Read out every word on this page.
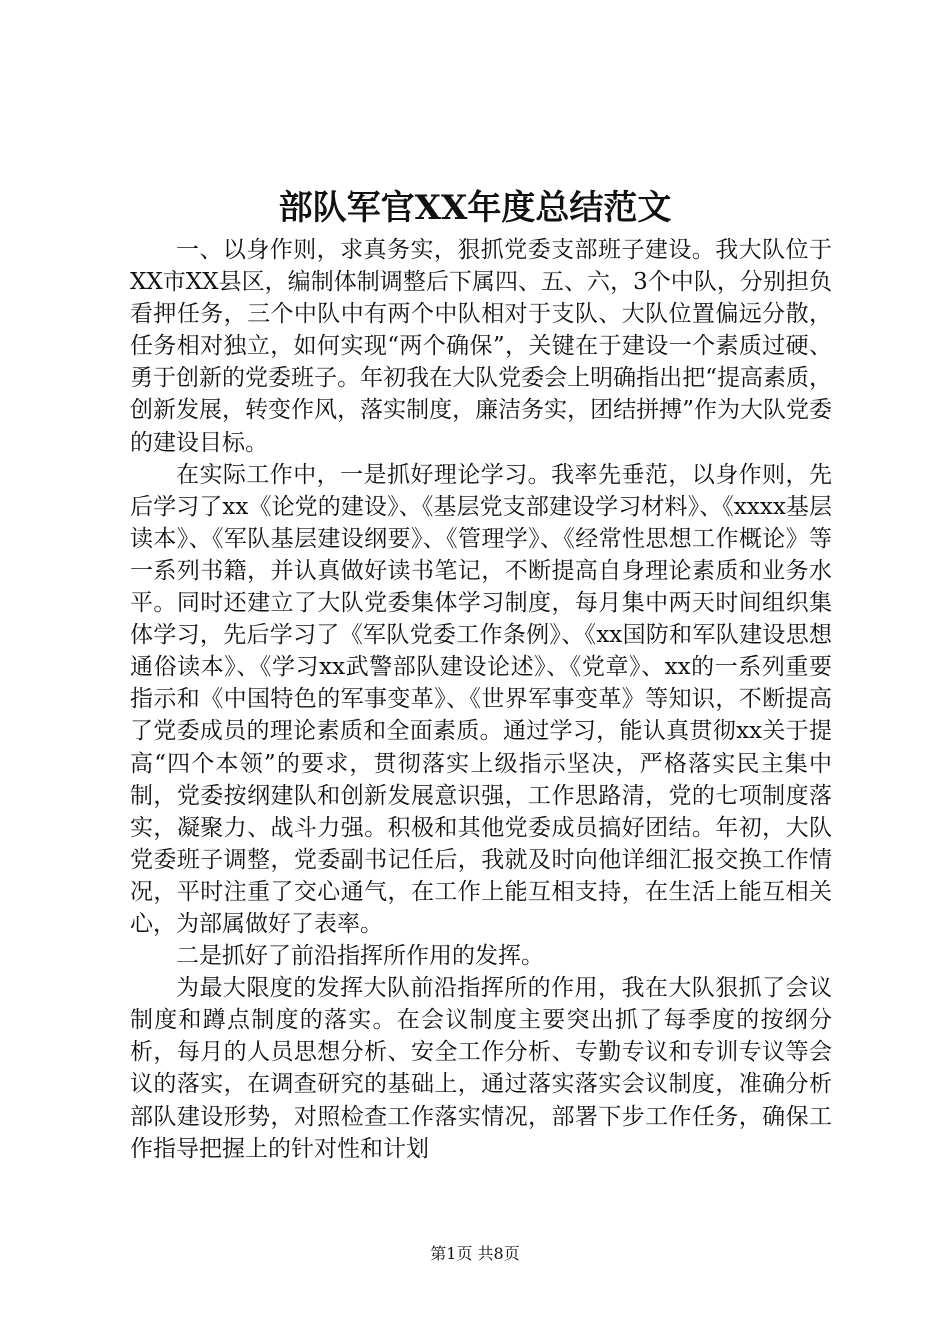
部队军官XX年度总结范文

一、以身作则，求真务实，狠抓党委支部班子建设。我大队位于XX市XX县区，编制体制调整后下属四、五、六，3个中队，分别担负看押任务，三个中队中有两个中队相对于支队、大队位置偏远分散，任务相对独立，如何实现“两个确保”，关键在于建设一个素质过硬、勇于创新的党委班子。年初我在大队党委会上明确指出把“提高素质，创新发展，转变作风，落实制度，廉洁务实，团结拼搏”作为大队党委的建设目标。

在实际工作中，一是抓好理论学习。我率先垂范，以身作则，先后学习了xx《论党的建设》、《基层党支部建设学习材料》、《xxxx基层读本》、《军队基层建设纲要》、《管理学》、《经常性思想工作概论》等一系列书籍，并认真做好读书笔记，不断提高自身理论素质和业务水平。同时还建立了大队党委集体学习制度，每月集中两天时间组织集体学习，先后学习了《军队党委工作条例》、《xx国防和军队建设思想通俗读本》、《学习xx武警部队建设论述》、《党章》、xx的一系列重要指示和《中国特色的军事变革》、《世界军事变革》等知识，不断提高了党委成员的理论素质和全面素质。通过学习，能认真贯彻xx关于提高“四个本领”的要求，贯彻落实上级指示坚决，严格落实民主集中制，党委按纲建队和创新发展意识强，工作思路清，党的七项制度落实，凝聚力、战斗力强。积极和其他党委成员搞好团结。年初，大队党委班子调整，党委副书记任后，我就及时向他详细汇报交换工作情况，平时注重了交心通气，在工作上能互相支持，在生活上能互相关心，为部属做好了表率。

二是抓好了前沿指挥所作用的发挥。

为最大限度的发挥大队前沿指挥所的作用，我在大队狠抓了会议制度和蹲点制度的落实。在会议制度主要突出抓了每季度的按纲分析，每月的人员思想分析、安全工作分析、专勤专议和专训专议等会议的落实，在调查研究的基础上，通过落实落实会议制度，准确分析部队建设形势，对照检查工作落实情况，部署下步工作任务，确保工作指导把握上的针对性和计划

第1页 共8页
